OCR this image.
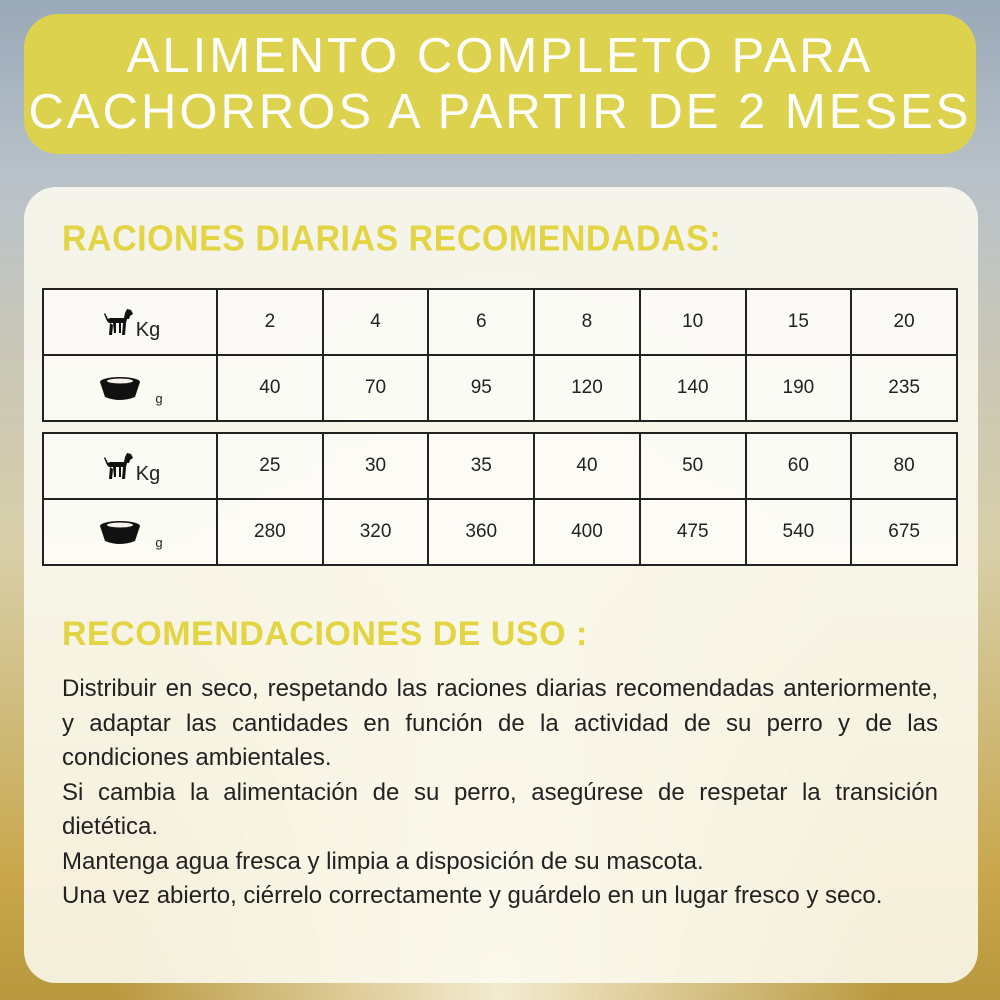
ALIMENTO COMPLETO PARA
CACHORROS A PARTIR DE 2 MESES
RACIONES DIARIAS RECOMENDADAS:
Kg	2	4	6	8	10	15	20

g	40	70	95	120	140	190	235
Kg	25	30	35	40	50	60	80

g	280	320	360	400	475	540	675
RECOMENDACIONES DE USO :

Distribuir en seco, respetando las raciones diarias recomendadas anteriormente, y adaptar las cantidades en función de la actividad de su perro y de las condiciones ambientales.

Si cambia la alimentación de su perro, asegúrese de respetar la transición dietética.

Mantenga agua fresca y limpia a disposición de su mascota.

Una vez abierto, ciérrelo correctamente y guárdelo en un lugar fresco y seco.
